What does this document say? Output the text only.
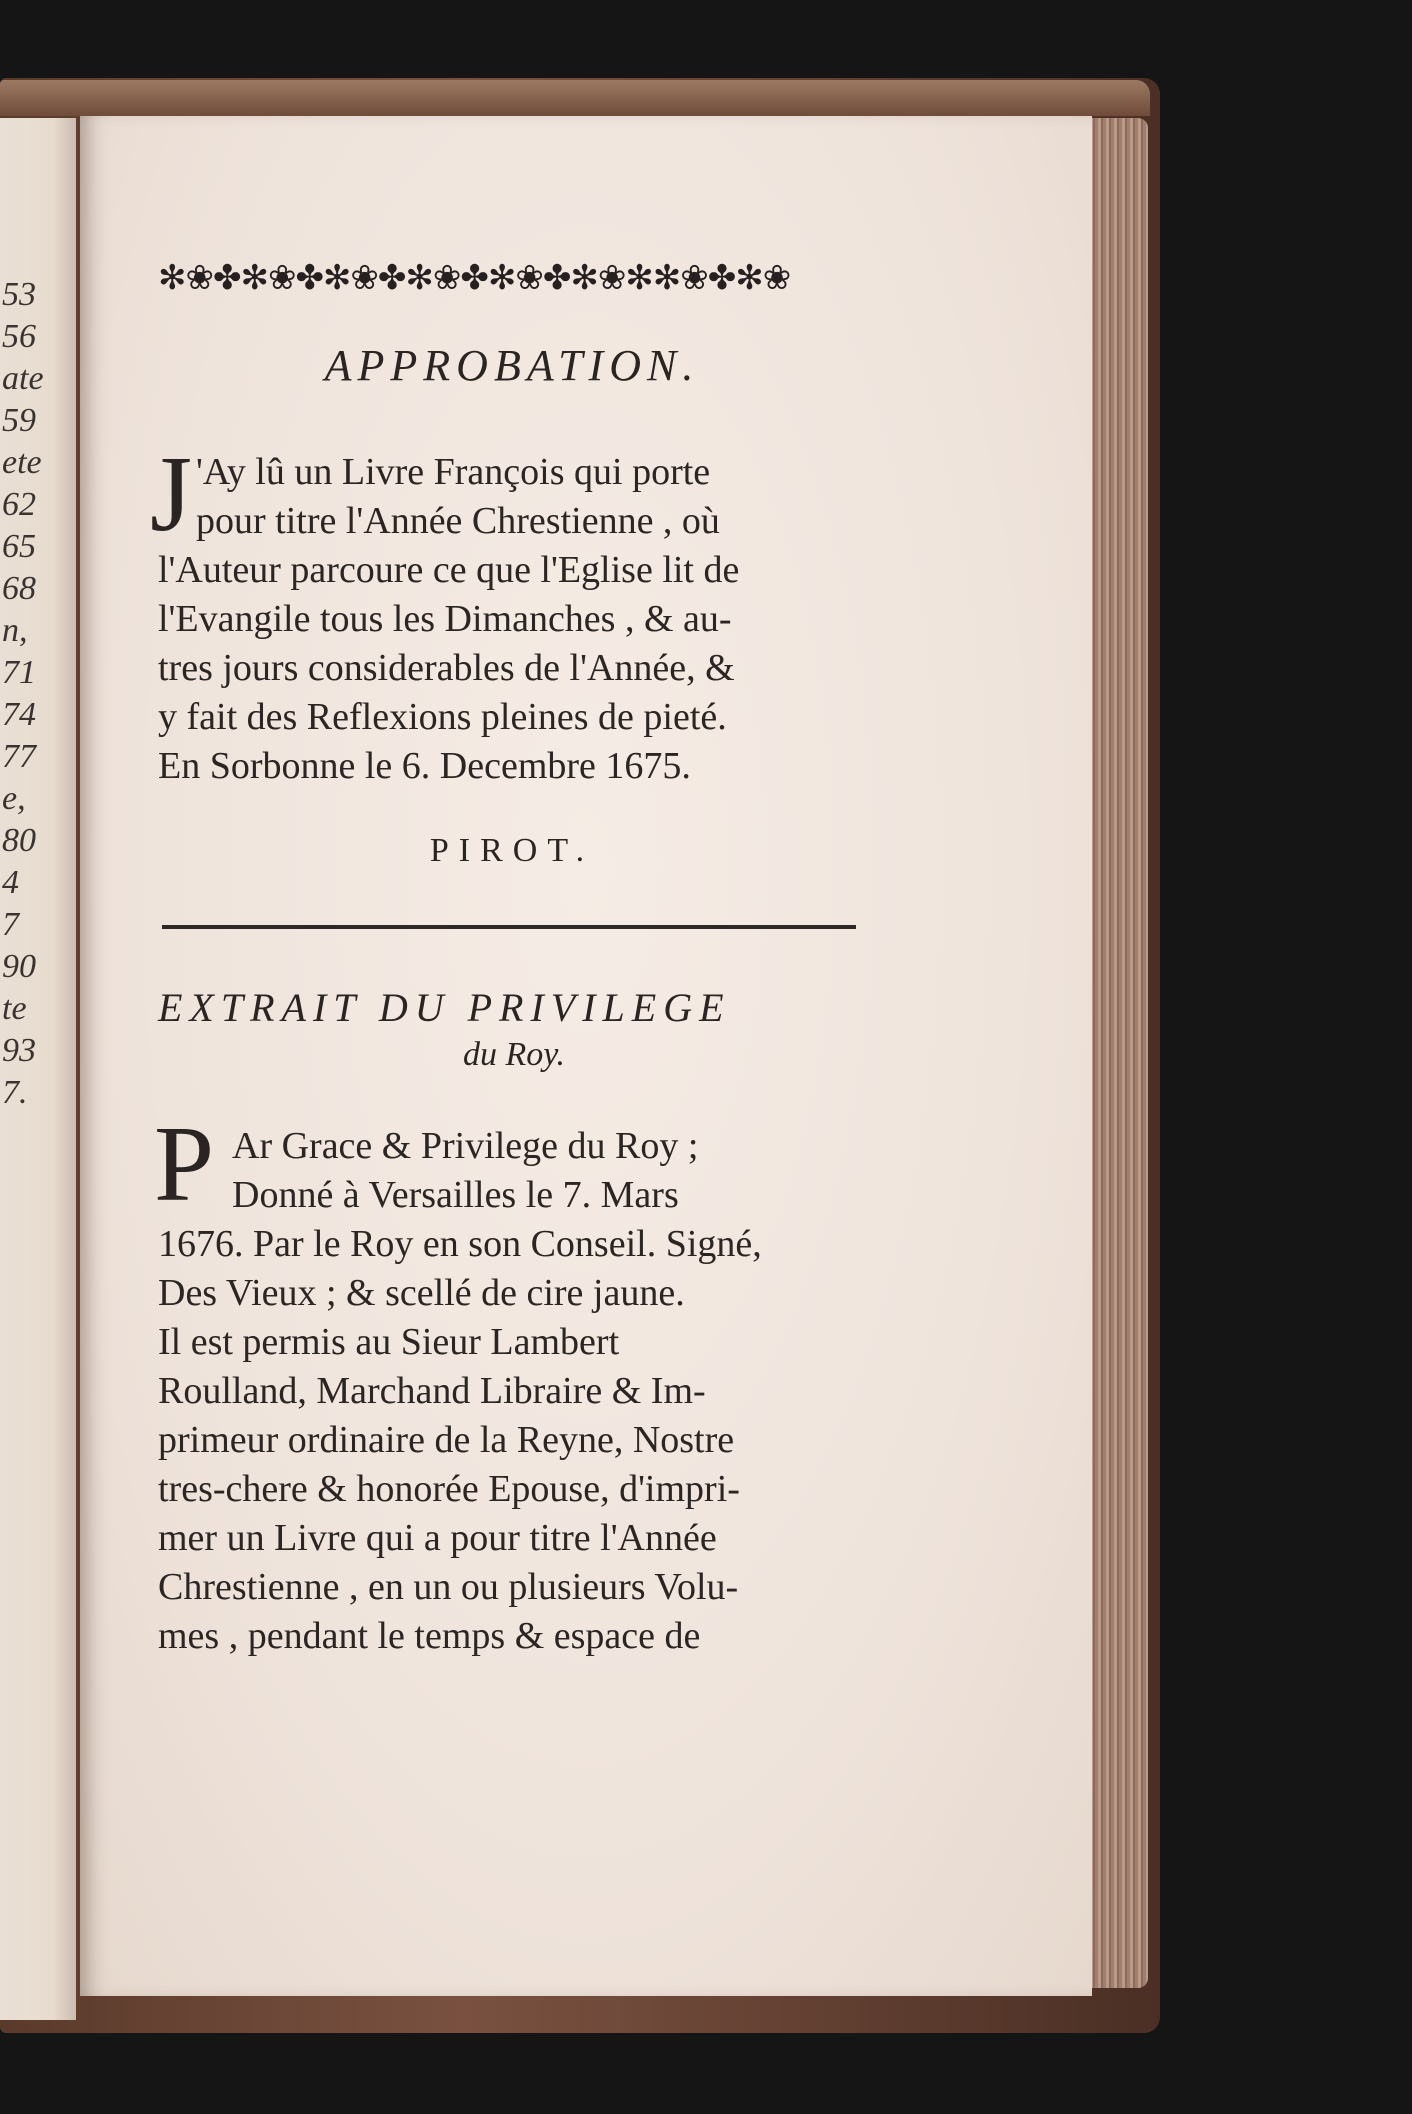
53
56
ate
59
ete
62
65
68
n,
71
74
77
e,
80
4
7
90
te
93
7.
✻❀✤✻❀✤✻❀✤✻❀✤✻❀✤✻❀✻✻❀✤✻❀
APPROBATION.
J 'Ay lû un Livre François qui porte
pour titre l'Année Chrestienne , où
l'Auteur parcoure ce que l'Eglise lit de
l'Evangile tous les Dimanches , & au-
tres jours considerables de l'Année, &
y fait des Reflexions pleines de pieté.
En Sorbonne le 6. Decembre 1675.
PIROT.
EXTRAIT DU PRIVILEGE
du Roy.
P Ar Grace & Privilege du Roy ;
Donné à Versailles le 7. Mars
1676. Par le Roy en son Conseil. Signé,
Des Vieux ; & scellé de cire jaune.
Il est permis au Sieur Lambert
Roulland, Marchand Libraire & Im-
primeur ordinaire de la Reyne, Nostre
tres-chere & honorée Epouse, d'impri-
mer un Livre qui a pour titre l'Année
Chrestienne , en un ou plusieurs Volu-
mes , pendant le temps & espace de
